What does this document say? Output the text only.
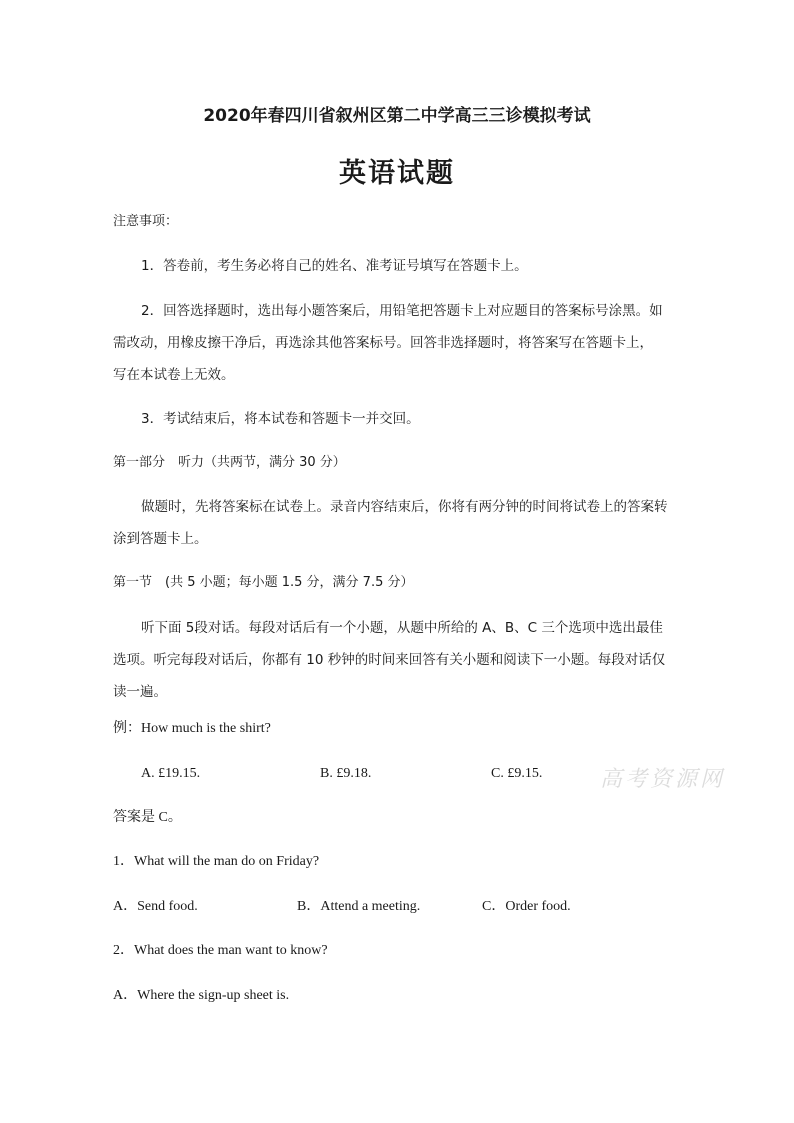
2020年春四川省叙州区第二中学高三三诊模拟考试
英语试题
注意事项：
1．答卷前，考生务必将自己的姓名、准考证号填写在答题卡上。
2．回答选择题时，选出每小题答案后，用铅笔把答题卡上对应题目的答案标号涂黑。如
需改动，用橡皮擦干净后，再选涂其他答案标号。回答非选择题时，将答案写在答题卡上，
写在本试卷上无效。
3．考试结束后，将本试卷和答题卡一并交回。
第一部分　听力（共两节，满分 30 分）
做题时，先将答案标在试卷上。录音内容结束后，你将有两分钟的时间将试卷上的答案转
涂到答题卡上。
第一节　(共 5 小题；每小题 1.5 分，满分 7.5 分）
听下面 5段对话。每段对话后有一个小题，从题中所给的 A、B、C 三个选项中选出最佳
选项。听完每段对话后，你都有 10 秒钟的时间来回答有关小题和阅读下一小题。每段对话仅
读一遍。
例：How much is the shirt?
A. £19.15.	B. £9.18.	C. £9.15.	高考资源网
答案是 C。
1．What will the man do on Friday?
A．Send food.	B．Attend a meeting.	C．Order food.
2．What does the man want to know?
A．Where the sign-up sheet is.
